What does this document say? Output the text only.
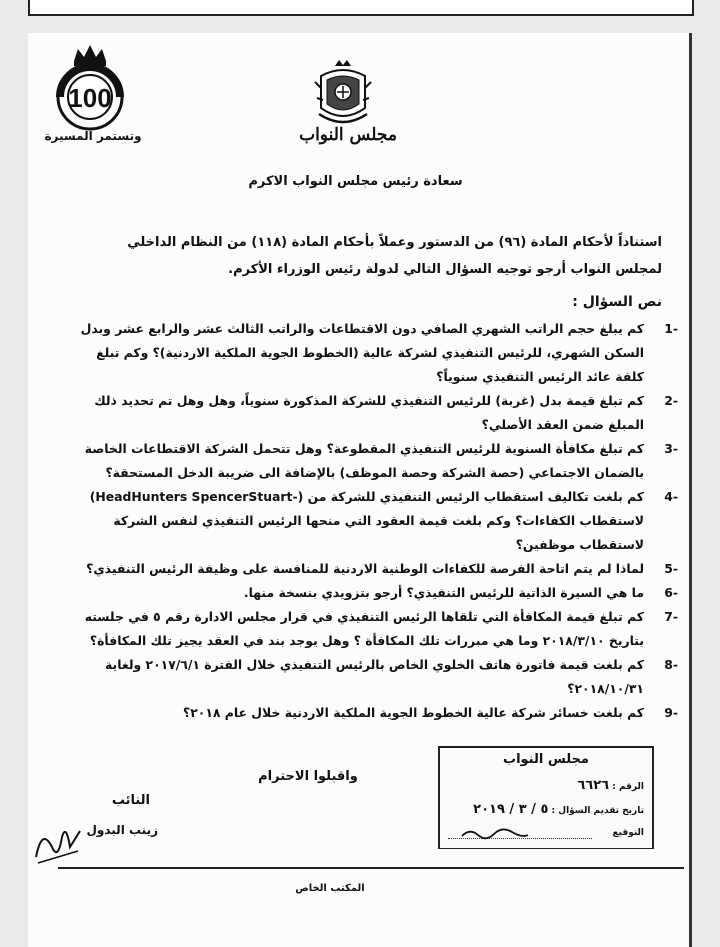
100
وتستمر المسيرة	مجلس النواب
سعادة رئيس مجلس النواب الاكرم
استناداً لأحكام المادة (٩٦) من الدستور وعملاً بأحكام المادة (١١٨) من النظام الداخلي لمجلس النواب أرجو توجيه السؤال التالي لدولة رئيس الوزراء الأكرم.
نص السؤال :
1-
كم يبلغ حجم الراتب الشهري الصافي دون الاقتطاعات والراتب الثالث عشر والرابع عشر وبدل السكن الشهري، للرئيس التنفيذي لشركة عالية (الخطوط الجوية الملكية الاردنية)؟ وكم تبلغ كلفة عائد الرئيس التنفيذي سنوياً؟
2-
كم تبلغ قيمة بدل (غربة) للرئيس التنفيذي للشركة المذكورة سنوياً، وهل وهل تم تحديد ذلك المبلغ ضمن العقد الأصلي؟
3-
كم تبلغ مكافأة السنوية للرئيس التنفيذي المقطوعة؟ وهل تتحمل الشركة الاقتطاعات الخاصة بالضمان الاجتماعي (حصة الشركة وحصة الموظف) بالإضافة الى ضريبة الدخل المستحقة؟
4-
كم بلغت تكاليف استقطاب الرئيس التنفيذي للشركة من (-HeadHunters SpencerStuart) لاستقطاب الكفاءات؟ وكم بلغت قيمة العقود التي منحها الرئيس التنفيذي لنفس الشركة لاستقطاب موظفين؟
5-
لماذا لم يتم اتاحة الفرصة للكفاءات الوطنية الاردنية للمنافسة على وظيفة الرئيس التنفيذي؟
6-
ما هي السيرة الذاتية للرئيس التنفيذي؟ أرجو بتزويدي بنسخة منها.
7-
كم تبلغ قيمة المكافأة التي تلقاها الرئيس التنفيذي في قرار مجلس الادارة رقم ٥ في جلسته بتاريخ ٢٠١٨/٣/١٠ وما هي مبررات تلك المكافأة ؟ وهل يوجد بند في العقد يجيز تلك المكافأة؟
8-
كم بلغت قيمة فاتورة هاتف الخلوي الخاص بالرئيس التنفيذي خلال الفترة ٢٠١٧/٦/١ ولغاية ٢٠١٨/١٠/٣١؟
9-
كم بلغت خسائر شركة عالية الخطوط الجوية الملكية الاردنية خلال عام ٢٠١٨؟
مجلس النواب
الرقم : ٦٦٢٦
تاريخ تقديم السؤال : ٥ / ٣ / ٢٠١٩
التوقيع
واقبلوا الاحترام
النائب
زينب البدول
المكتب الخاص
